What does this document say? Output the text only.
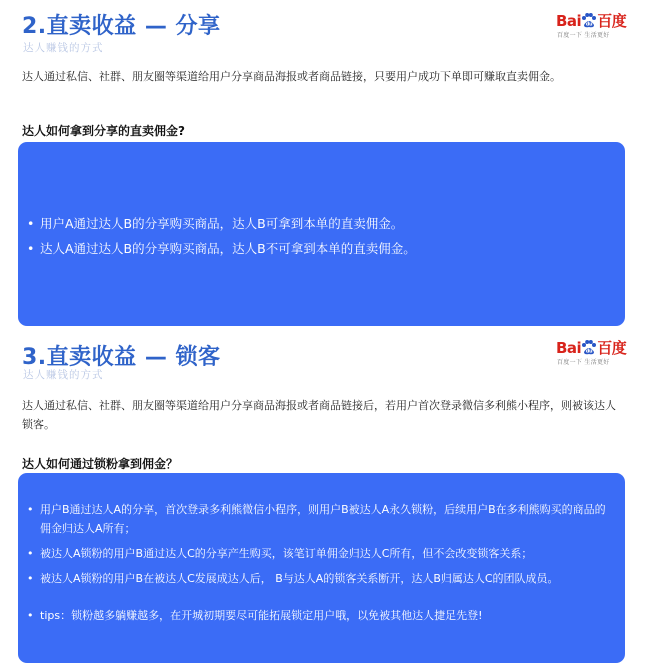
2.直卖收益 — 分享
达人赚钱的方式
Bai du 百度
百度一下 生活更好
达人通过私信、社群、朋友圈等渠道给用户分享商品海报或者商品链接，只要用户成功下单即可赚取直卖佣金。
达人如何拿到分享的直卖佣金?
• 用户A通过达人B的分享购买商品，达人B可拿到本单的直卖佣金。
• 达人A通过达人B的分享购买商品，达人B不可拿到本单的直卖佣金。
3.直卖收益 — 锁客
达人赚钱的方式
Bai du 百度
百度一下 生活更好
达人通过私信、社群、朋友圈等渠道给用户分享商品海报或者商品链接后，若用户首次登录微信多利熊小程序，则被该达人锁客。
达人如何通过锁粉拿到佣金？
• 用户B通过达人A的分享，首次登录多利熊微信小程序，则用户B被达人A永久锁粉，后续用户B在多利熊购买的商品的佣金归达人A所有；
• 被达人A锁粉的用户B通过达人C的分享产生购买，该笔订单佣金归达人C所有，但不会改变锁客关系；
• 被达人A锁粉的用户B在被达人C发展成达人后， B与达人A的锁客关系断开，达人B归属达人C的团队成员。
• tips：锁粉越多躺赚越多，在开城初期要尽可能拓展锁定用户哦，以免被其他达人捷足先登!
